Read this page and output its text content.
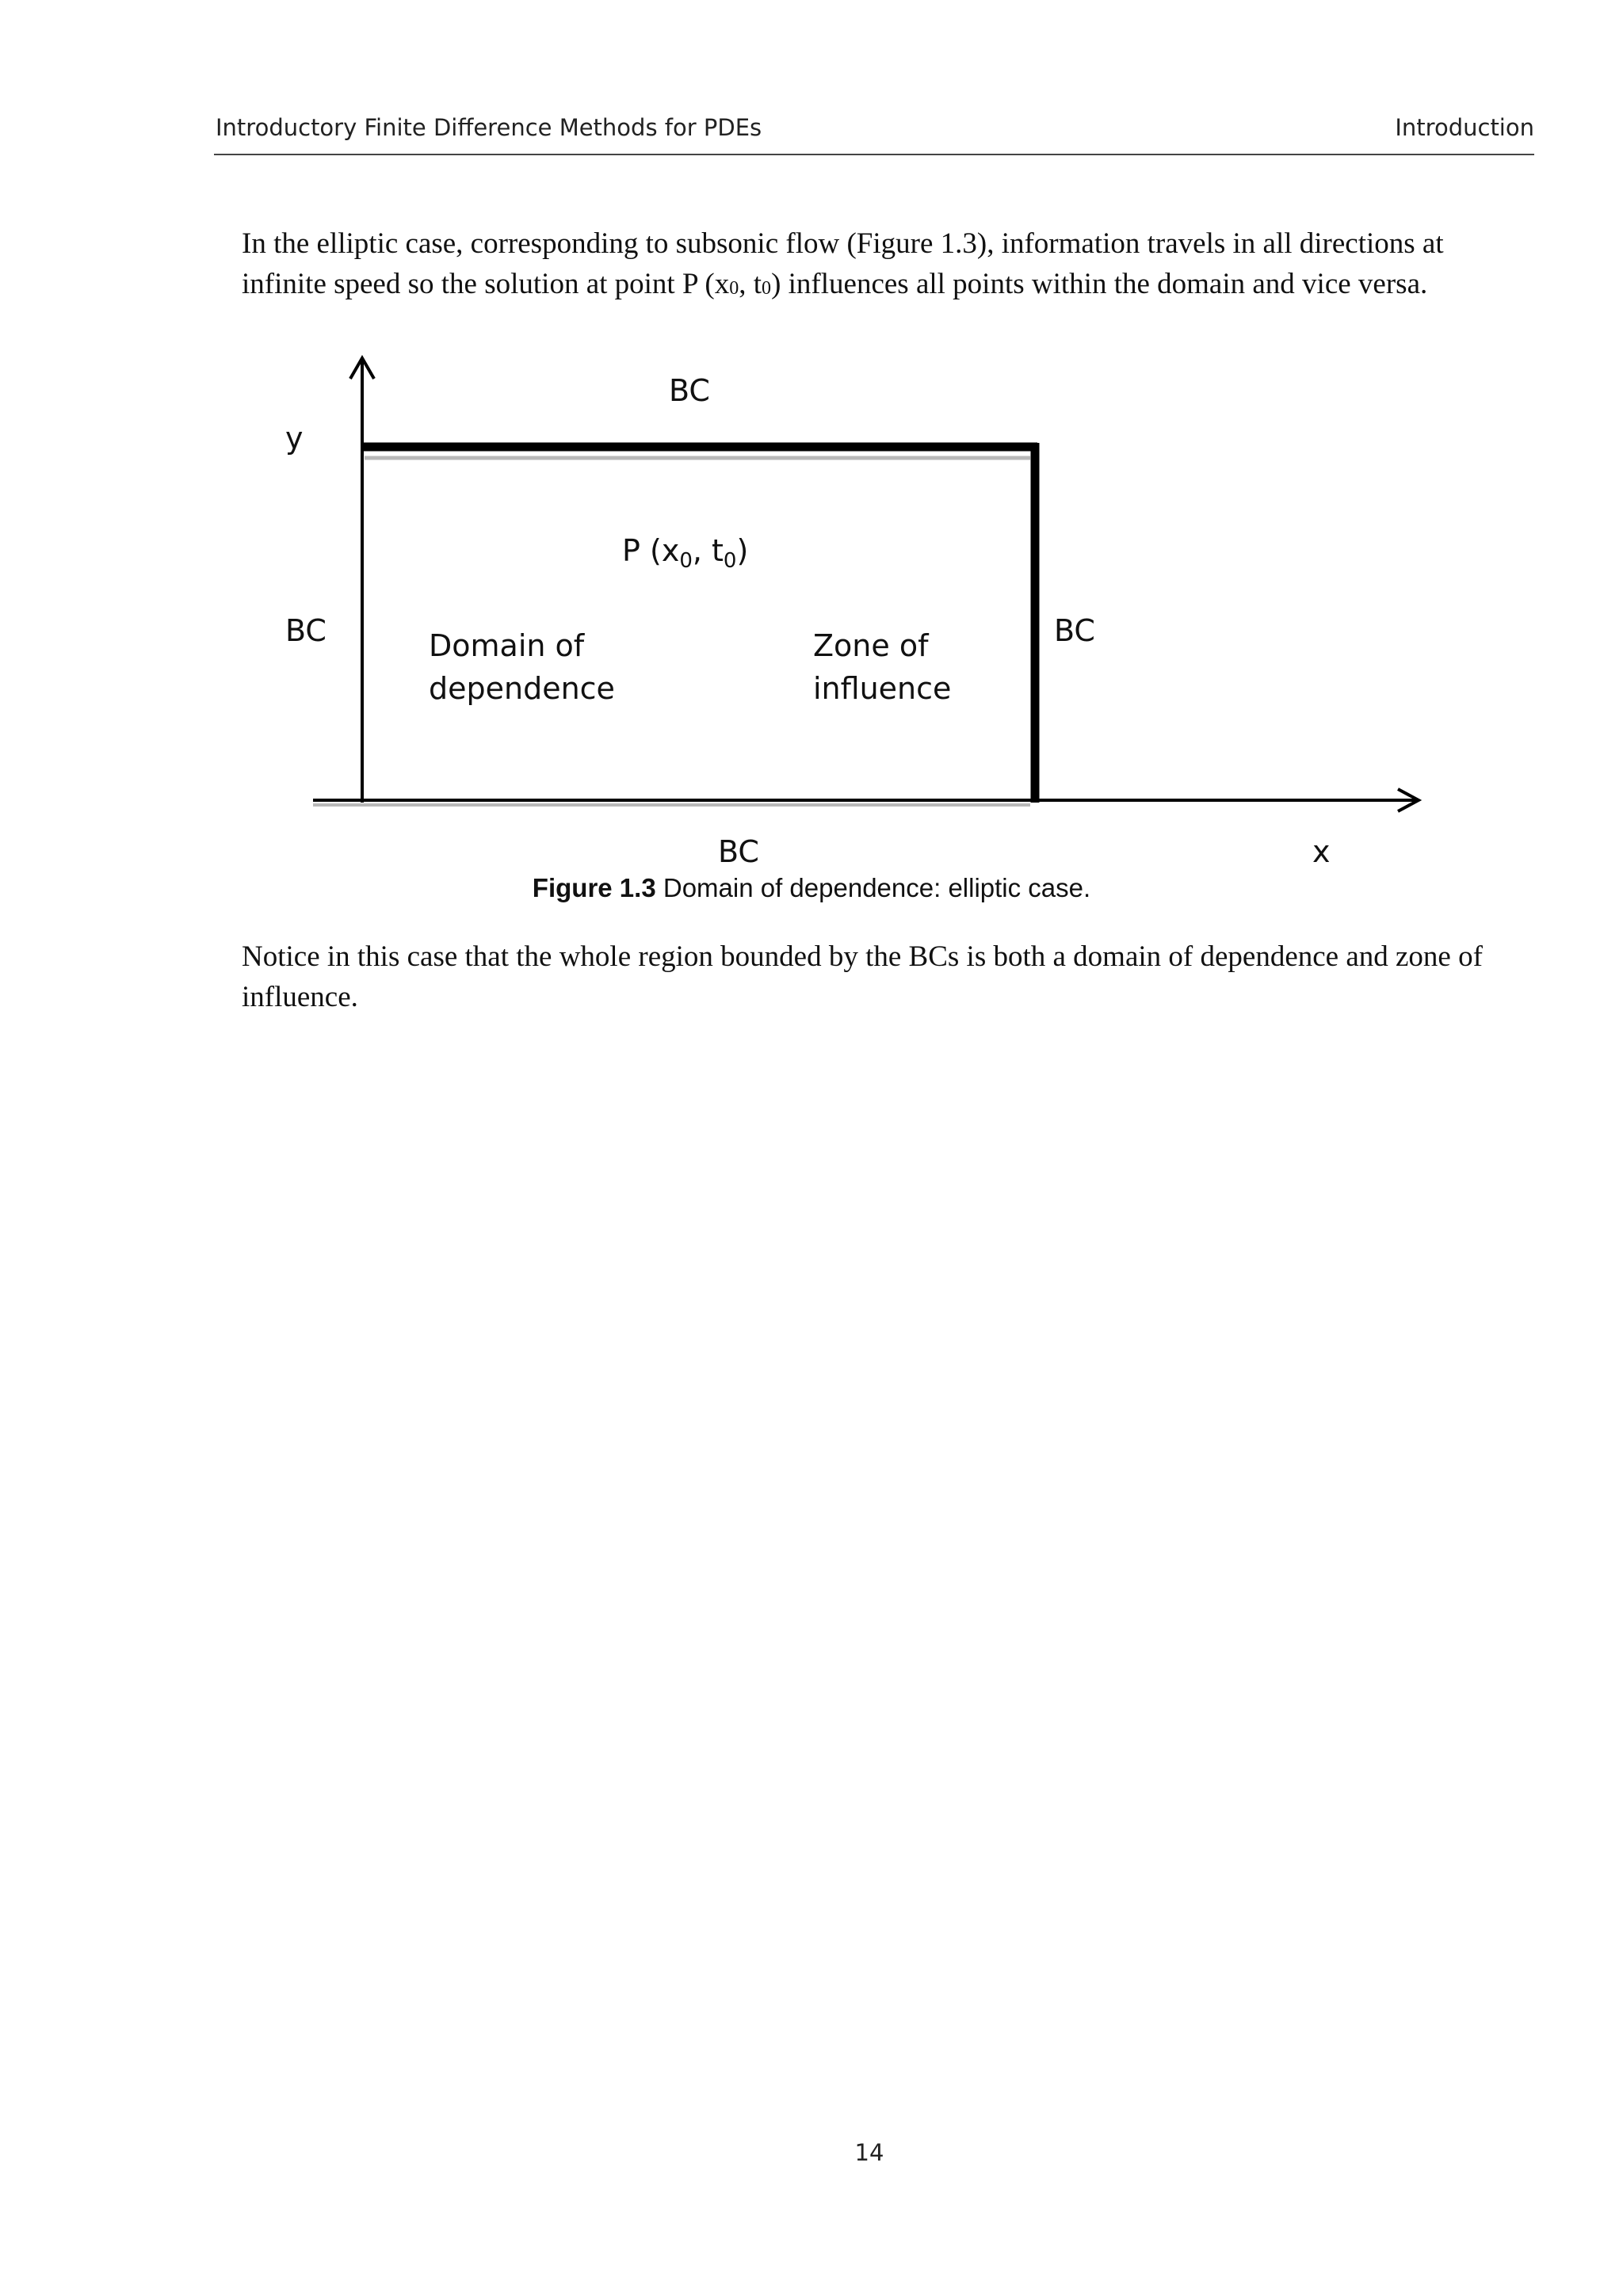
Introductory Finite Difference Methods for PDEs	Introduction

In the elliptic case, corresponding to subsonic flow (Figure 1.3), information travels in all directions at infinite speed so the solution at point P ($x_0$, $t_0$) influences all points within the domain and vice versa.

BC
y
BC	BC
BC	x
P ($x_0$, $t_0$)
Domain of
dependence
Zone of
influence
Figure 1.3 Domain of dependence: elliptic case.

Notice in this case that the whole region bounded by the BCs is both a domain of dependence and zone of influence.

14
